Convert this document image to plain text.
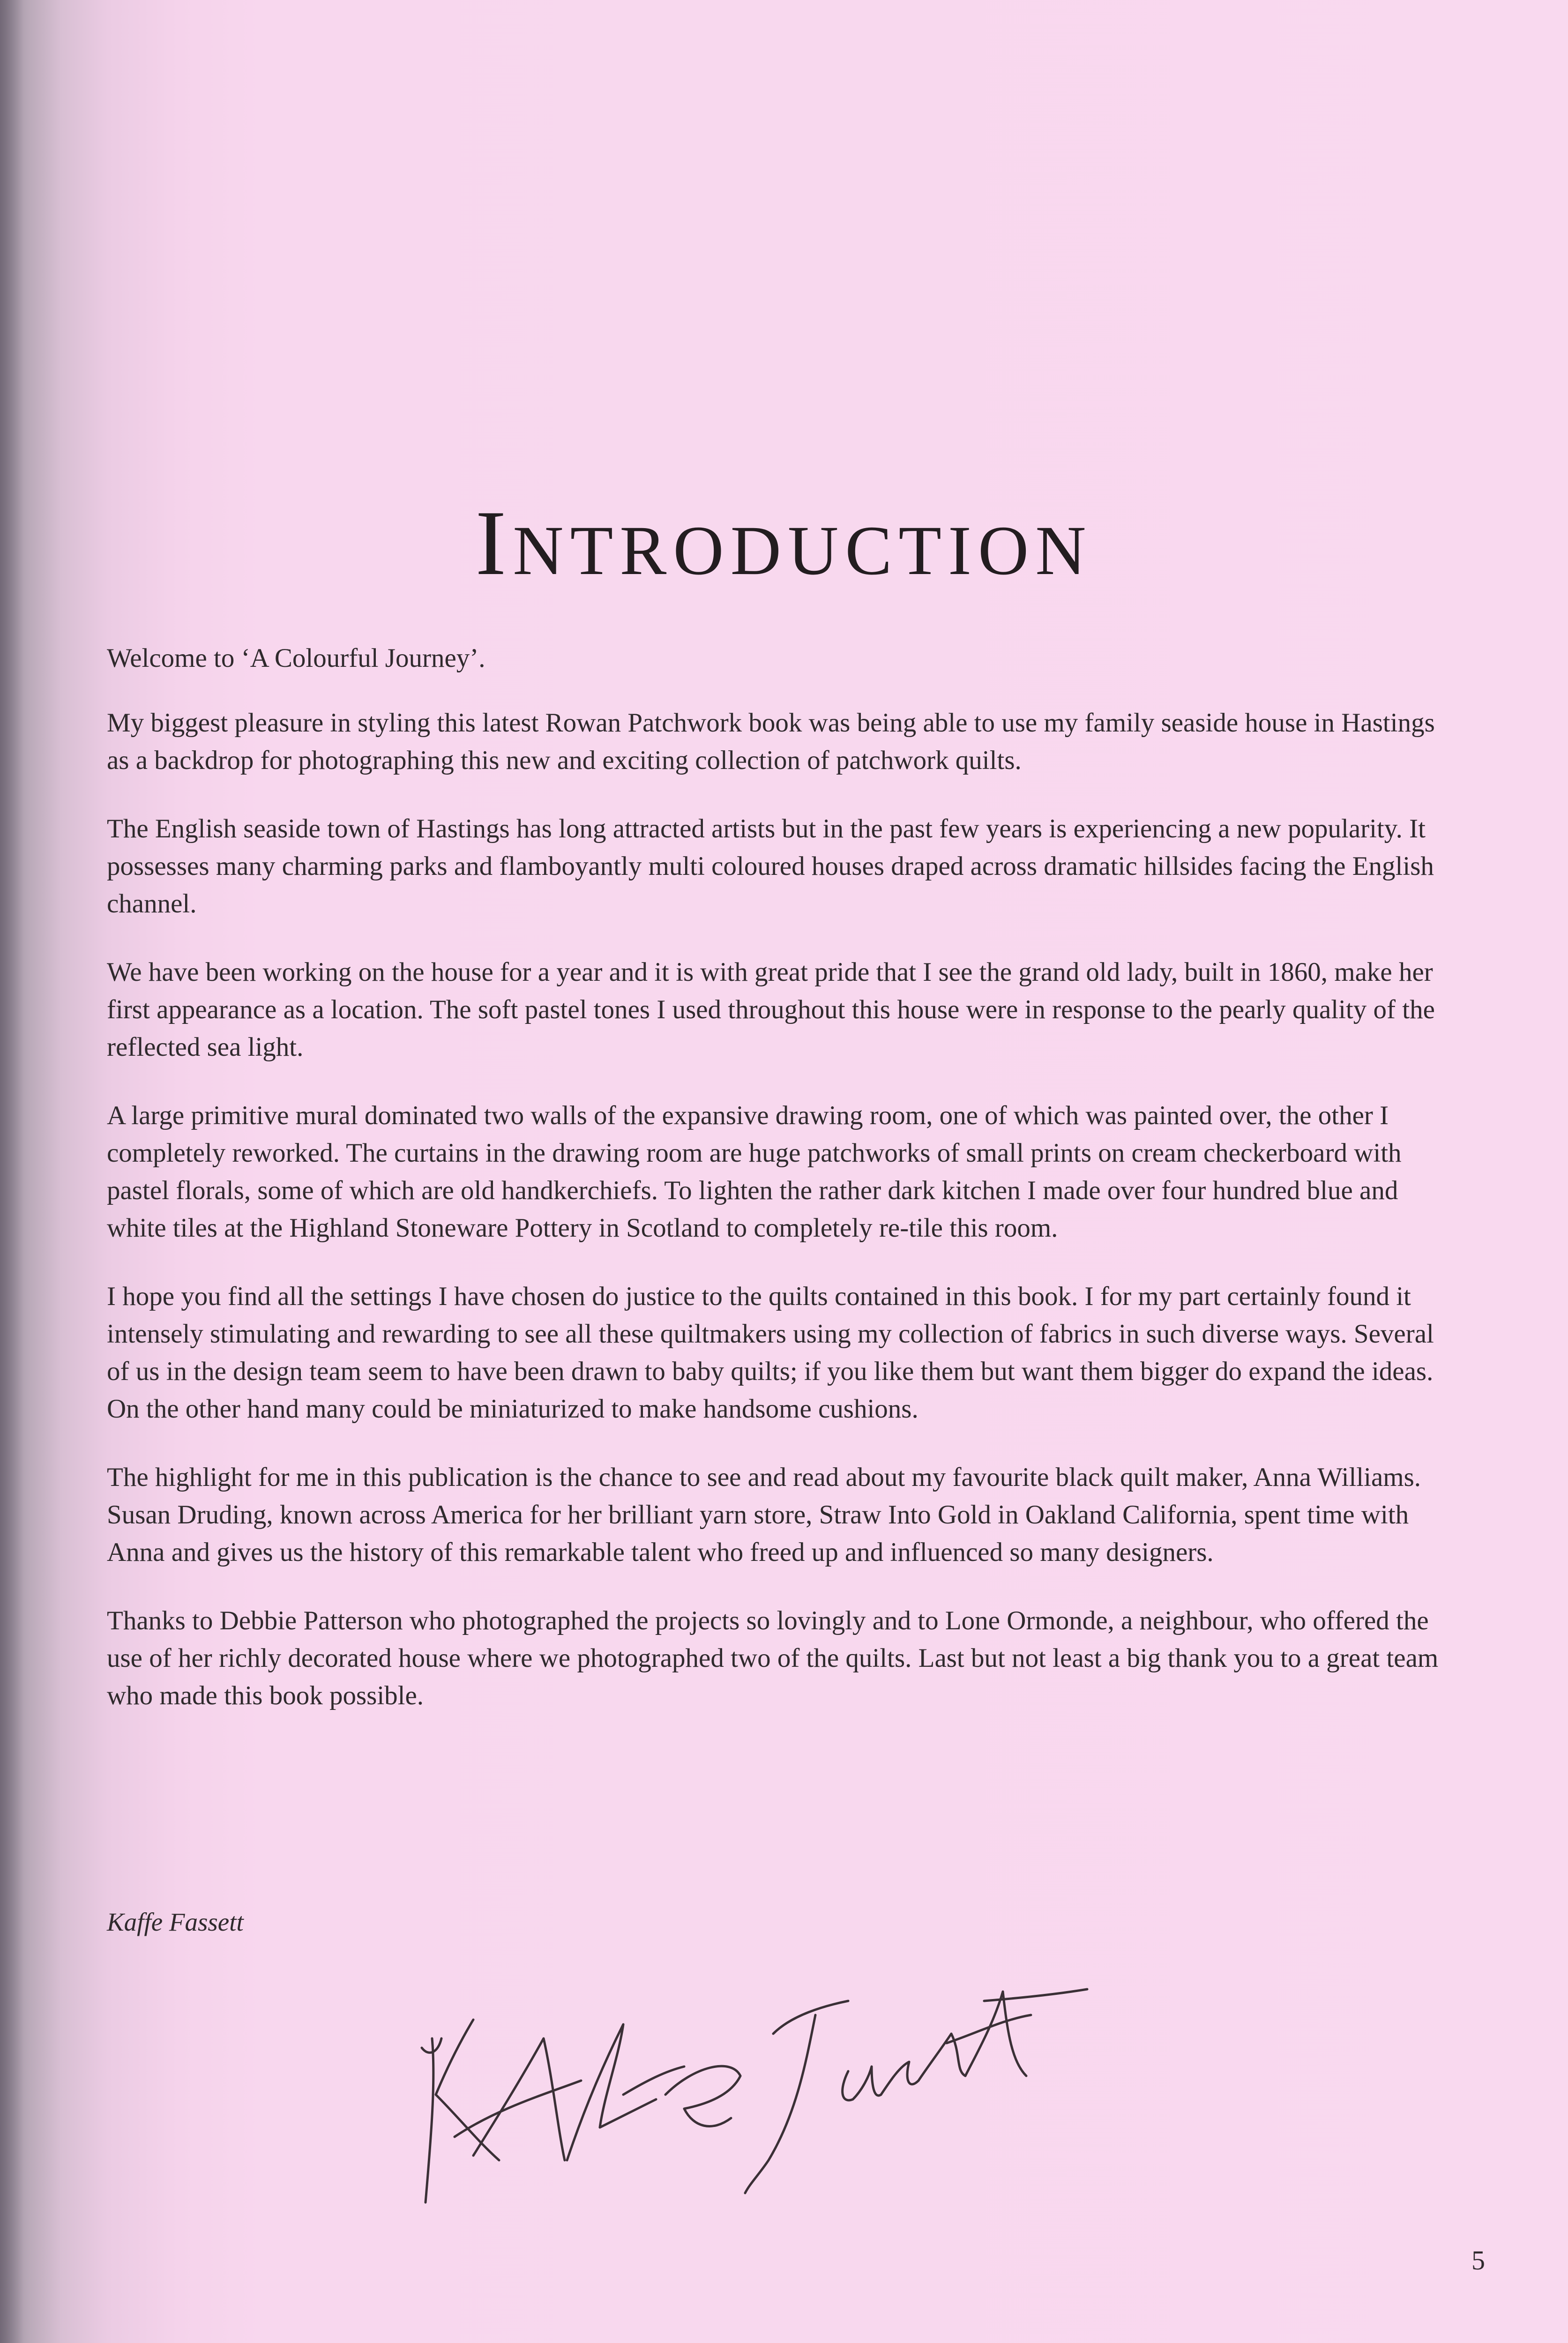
INTRODUCTION

Welcome to ‘A Colourful Journey’.

My biggest pleasure in styling this latest Rowan Patchwork book was being able to use my family seaside house in Hastings as a backdrop for photographing this new and exciting collection of patchwork quilts.

The English seaside town of Hastings has long attracted artists but in the past few years is experiencing a new popularity. It possesses many charming parks and flamboyantly multi coloured houses draped across dramatic hillsides facing the English channel.

We have been working on the house for a year and it is with great pride that I see the grand old lady, built in 1860, make her first appearance as a location. The soft pastel tones I used throughout this house were in response to the pearly quality of the reflected sea light.

A large primitive mural dominated two walls of the expansive drawing room, one of which was painted over, the other I completely reworked. The curtains in the drawing room are huge patchworks of small prints on cream checkerboard with pastel florals, some of which are old handkerchiefs. To lighten the rather dark kitchen I made over four hundred blue and white tiles at the Highland Stoneware Pottery in Scotland to completely re-tile this room.

I hope you find all the settings I have chosen do justice to the quilts contained in this book. I for my part certainly found it intensely stimulating and rewarding to see all these quiltmakers using my collection of fabrics in such diverse ways. Several of us in the design team seem to have been drawn to baby quilts; if you like them but want them bigger do expand the ideas. On the other hand many could be miniaturized to make handsome cushions.

The highlight for me in this publication is the chance to see and read about my favourite black quilt maker, Anna Williams. Susan Druding, known across America for her brilliant yarn store, Straw Into Gold in Oakland California, spent time with Anna and gives us the history of this remarkable talent who freed up and influenced so many designers.

Thanks to Debbie Patterson who photographed the projects so lovingly and to Lone Ormonde, a neighbour, who offered the use of her richly decorated house where we photographed two of the quilts. Last but not least a big thank you to a great team who made this book possible.

Kaffe Fassett
5
